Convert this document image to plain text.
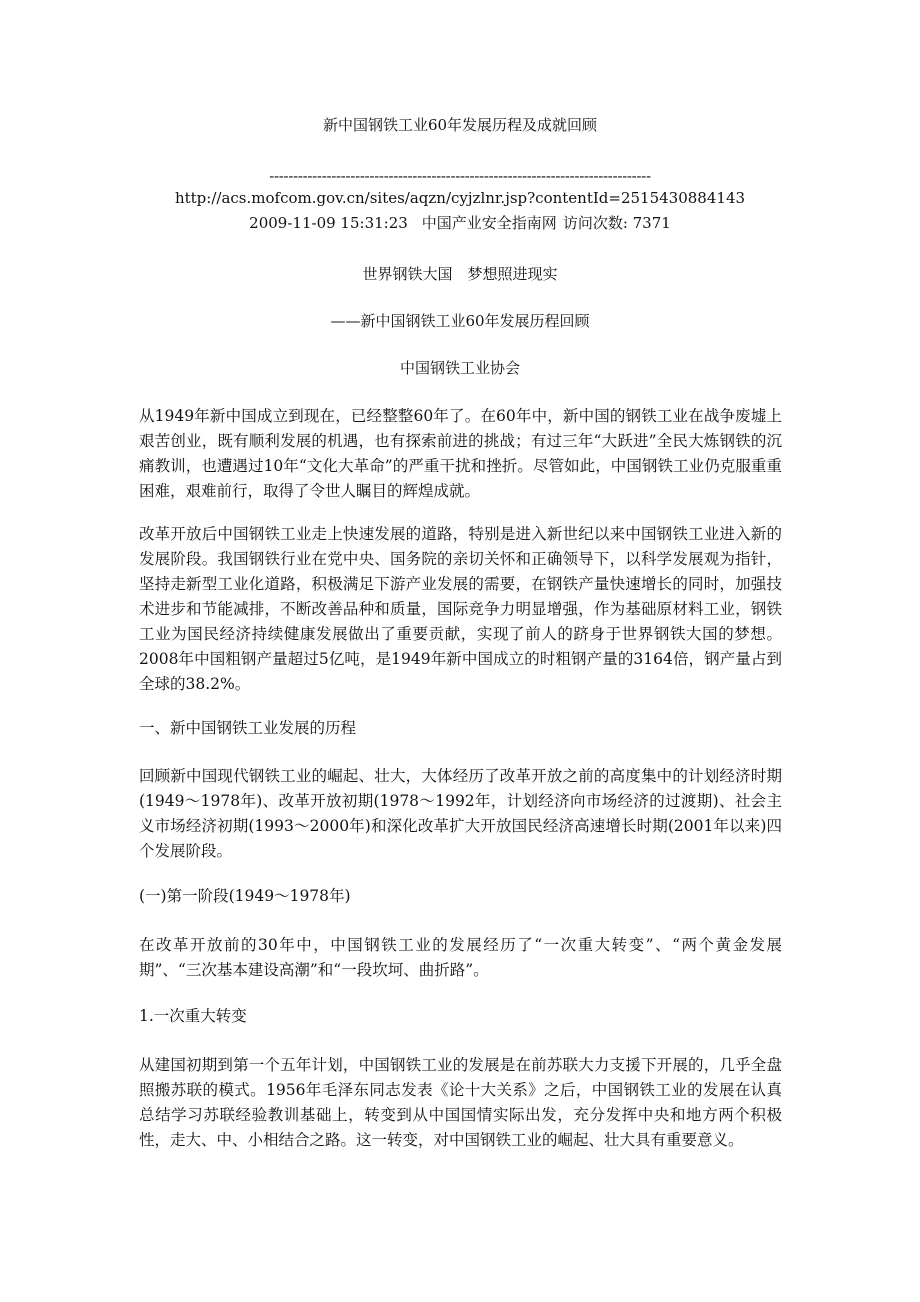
新中国钢铁工业60年发展历程及成就回顾
--------------------------------------------------------------------------------
http://acs.mofcom.gov.cn/sites/aqzn/cyjzlnr.jsp?contentId=2515430884143
2009-11-09 15:31:23 中国产业安全指南网 访问次数: 7371
世界钢铁大国　梦想照进现实
——新中国钢铁工业60年发展历程回顾
中国钢铁工业协会
从1949年新中国成立到现在，已经整整60年了。在60年中，新中国的钢铁工业在战争废墟上艰苦创业，既有顺利发展的机遇，也有探索前进的挑战；有过三年“大跃进”全民大炼钢铁的沉痛教训，也遭遇过10年“文化大革命”的严重干扰和挫折。尽管如此，中国钢铁工业仍克服重重困难，艰难前行，取得了令世人瞩目的辉煌成就。
改革开放后中国钢铁工业走上快速发展的道路，特别是进入新世纪以来中国钢铁工业进入新的发展阶段。我国钢铁行业在党中央、国务院的亲切关怀和正确领导下，以科学发展观为指针，坚持走新型工业化道路，积极满足下游产业发展的需要，在钢铁产量快速增长的同时，加强技术进步和节能减排，不断改善品种和质量，国际竞争力明显增强，作为基础原材料工业，钢铁工业为国民经济持续健康发展做出了重要贡献，实现了前人的跻身于世界钢铁大国的梦想。2008年中国粗钢产量超过5亿吨，是1949年新中国成立的时粗钢产量的3164倍，钢产量占到全球的38.2%。
一、新中国钢铁工业发展的历程
回顾新中国现代钢铁工业的崛起、壮大，大体经历了改革开放之前的高度集中的计划经济时期(1949～1978年)、改革开放初期(1978～1992年，计划经济向市场经济的过渡期)、社会主义市场经济初期(1993～2000年)和深化改革扩大开放国民经济高速增长时期(2001年以来)四个发展阶段。
(一)第一阶段(1949～1978年)
在改革开放前的30年中，中国钢铁工业的发展经历了“一次重大转变”、“两个黄金发展期”、“三次基本建设高潮”和“一段坎坷、曲折路”。
1.一次重大转变
从建国初期到第一个五年计划，中国钢铁工业的发展是在前苏联大力支援下开展的，几乎全盘照搬苏联的模式。1956年毛泽东同志发表《论十大关系》之后，中国钢铁工业的发展在认真总结学习苏联经验教训基础上，转变到从中国国情实际出发，充分发挥中央和地方两个积极性，走大、中、小相结合之路。这一转变，对中国钢铁工业的崛起、壮大具有重要意义。
